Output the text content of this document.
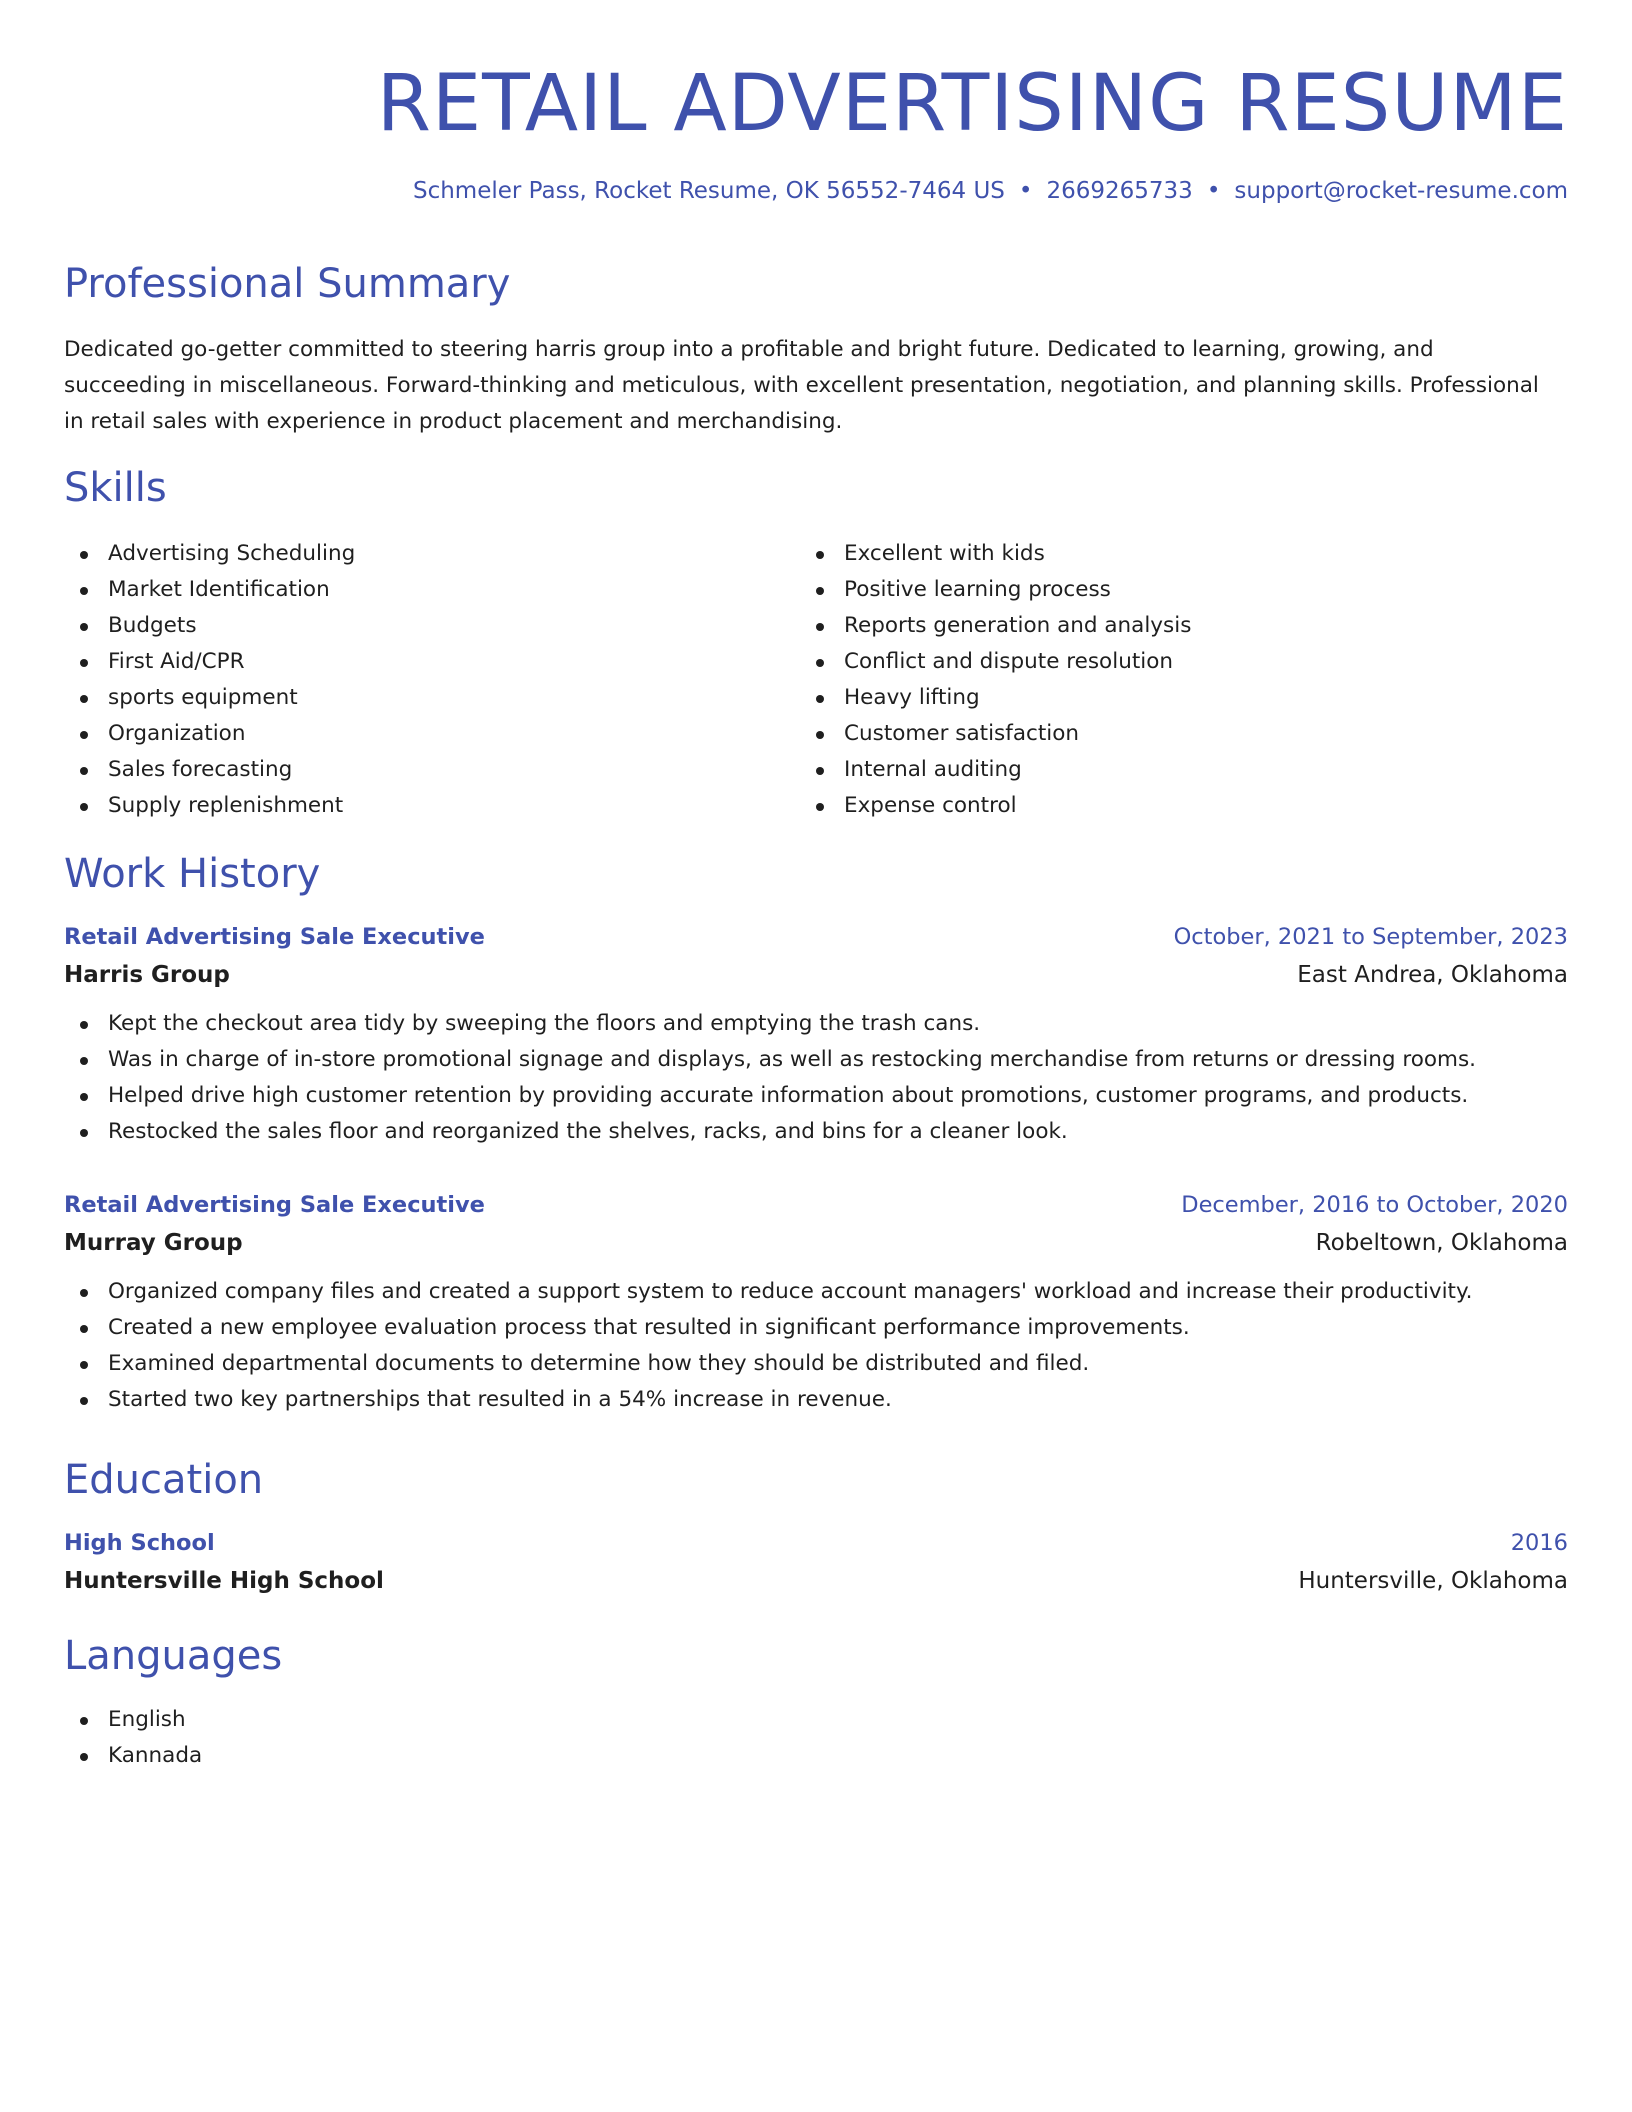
RETAIL ADVERTISING RESUME
Schmeler Pass, Rocket Resume, OK 56552-7464 US • 2669265733 • support@rocket-resume.com
Professional Summary

Dedicated go-getter committed to steering harris group into a profitable and bright future. Dedicated to learning, growing, and succeeding in miscellaneous. Forward-thinking and meticulous, with excellent presentation, negotiation, and planning skills. Professional in retail sales with experience in product placement and merchandising.

Skills
Advertising Scheduling
Market Identification
Budgets
First Aid/CPR
sports equipment
Organization
Sales forecasting
Supply replenishment
Excellent with kids
Positive learning process
Reports generation and analysis
Conflict and dispute resolution
Heavy lifting
Customer satisfaction
Internal auditing
Expense control
Work History
Retail Advertising Sale Executive	October, 2021 to September, 2023
Harris Group	East Andrea, Oklahoma
Kept the checkout area tidy by sweeping the floors and emptying the trash cans.
Was in charge of in-store promotional signage and displays, as well as restocking merchandise from returns or dressing rooms.
Helped drive high customer retention by providing accurate information about promotions, customer programs, and products.
Restocked the sales floor and reorganized the shelves, racks, and bins for a cleaner look.
Retail Advertising Sale Executive	December, 2016 to October, 2020
Murray Group	Robeltown, Oklahoma
Organized company files and created a support system to reduce account managers' workload and increase their productivity.
Created a new employee evaluation process that resulted in significant performance improvements.
Examined departmental documents to determine how they should be distributed and filed.
Started two key partnerships that resulted in a 54% increase in revenue.
Education
High School	2016
Huntersville High School	Huntersville, Oklahoma
Languages
English
Kannada
